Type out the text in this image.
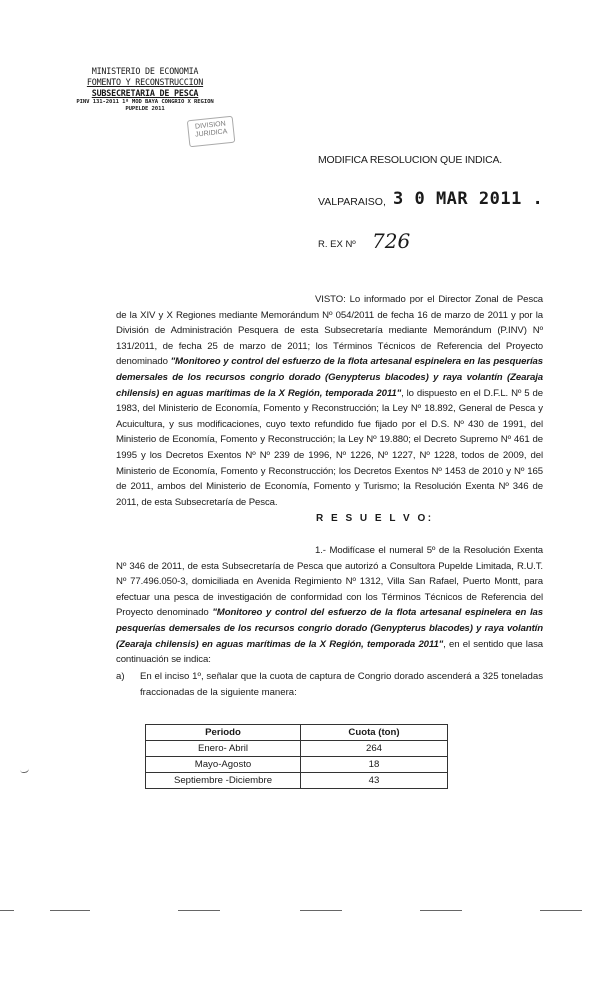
MINISTERIO DE ECONOMIA
FOMENTO Y RECONSTRUCCION
SUBSECRETARIA DE PESCA
PINV 131-2011 1º MOD BAYA CONGRIO X REGION
PUPELDE 2011
DIVISION JURIDICA
MODIFICA RESOLUCION QUE INDICA.
VALPARAISO, 3 0 MAR 2011 .
R. EX Nº 726
VISTO: Lo informado por el Director Zonal de Pesca de la XIV y X Regiones mediante Memorándum Nº 054/2011 de fecha 16 de marzo de 2011 y por la División de Administración Pesquera de esta Subsecretaría mediante Memorándum (P.INV) Nº 131/2011, de fecha 25 de marzo de 2011; los Términos Técnicos de Referencia del Proyecto denominado "Monitoreo y control del esfuerzo de la flota artesanal espinelera en las pesquerías demersales de los recursos congrio dorado (Genypterus blacodes) y raya volantín (Zearaja chilensis) en aguas marítimas de la X Región, temporada 2011", lo dispuesto en el D.F.L. Nº 5 de 1983, del Ministerio de Economía, Fomento y Reconstrucción; la Ley Nº 18.892, General de Pesca y Acuicultura, y sus modificaciones, cuyo texto refundido fue fijado por el D.S. Nº 430 de 1991, del Ministerio de Economía, Fomento y Reconstrucción; la Ley Nº 19.880; el Decreto Supremo Nº 461 de 1995 y los Decretos Exentos Nº Nº 239 de 1996, Nº 1226, Nº 1227, Nº 1228, todos de 2009, del Ministerio de Economía, Fomento y Reconstrucción; los Decretos Exentos Nº 1453 de 2010 y Nº 165 de 2011, ambos del Ministerio de Economía, Fomento y Turismo; la Resolución Exenta Nº 346 de 2011, de esta Subsecretaría de Pesca.
R E S U E L V O:
1.- Modifícase el numeral 5º de la Resolución Exenta Nº 346 de 2011, de esta Subsecretaría de Pesca que autorizó a Consultora Pupelde Limitada, R.U.T. Nº 77.496.050-3, domiciliada en Avenida Regimiento Nº 1312, Villa San Rafael, Puerto Montt, para efectuar una pesca de investigación de conformidad con los Términos Técnicos de Referencia del Proyecto denominado "Monitoreo y control del esfuerzo de la flota artesanal espinelera en las pesquerías demersales de los recursos congrio dorado (Genypterus blacodes) y raya volantín (Zearaja chilensis) en aguas marítimas de la X Región, temporada 2011", en el sentido que lasa continuación se indica:
a) En el inciso 1º, señalar que la cuota de captura de Congrio dorado ascenderá a 325 toneladas fraccionadas de la siguiente manera:
Periodo	Cuota (ton)
Enero- Abril	264
Mayo-Agosto	18
Septiembre -Diciembre	43
